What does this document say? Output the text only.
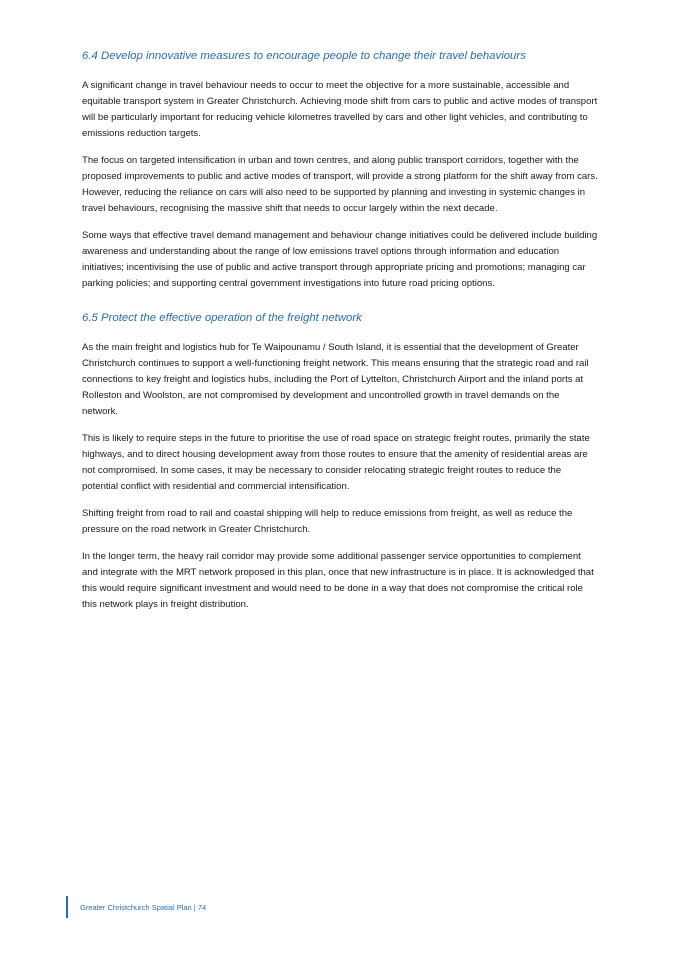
6.4 Develop innovative measures to encourage people to change their travel behaviours

A significant change in travel behaviour needs to occur to meet the objective for a more sustainable, accessible and equitable transport system in Greater Christchurch. Achieving mode shift from cars to public and active modes of transport will be particularly important for reducing vehicle kilometres travelled by cars and other light vehicles, and contributing to emissions reduction targets.

The focus on targeted intensification in urban and town centres, and along public transport corridors, together with the proposed improvements to public and active modes of transport, will provide a strong platform for the shift away from cars. However, reducing the reliance on cars will also need to be supported by planning and investing in systemic changes in travel behaviours, recognising the massive shift that needs to occur largely within the next decade.

Some ways that effective travel demand management and behaviour change initiatives could be delivered include building awareness and understanding about the range of low emissions travel options through information and education initiatives; incentivising the use of public and active transport through appropriate pricing and promotions; managing car parking policies; and supporting central government investigations into future road pricing options.

6.5 Protect the effective operation of the freight network

As the main freight and logistics hub for Te Waipounamu / South Island, it is essential that the development of Greater Christchurch continues to support a well-functioning freight network. This means ensuring that the strategic road and rail connections to key freight and logistics hubs, including the Port of Lyttelton, Christchurch Airport and the inland ports at Rolleston and Woolston, are not compromised by development and uncontrolled growth in travel demands on the network.

This is likely to require steps in the future to prioritise the use of road space on strategic freight routes, primarily the state highways, and to direct housing development away from those routes to ensure that the amenity of residential areas are not compromised. In some cases, it may be necessary to consider relocating strategic freight routes to reduce the potential conflict with residential and commercial intensification.

Shifting freight from road to rail and coastal shipping will help to reduce emissions from freight, as well as reduce the pressure on the road network in Greater Christchurch.

In the longer term, the heavy rail corridor may provide some additional passenger service opportunities to complement and integrate with the MRT network proposed in this plan, once that new infrastructure is in place. It is acknowledged that this would require significant investment and would need to be done in a way that does not compromise the critical role this network plays in freight distribution.

Greater Christchurch Spatial Plan | 74
